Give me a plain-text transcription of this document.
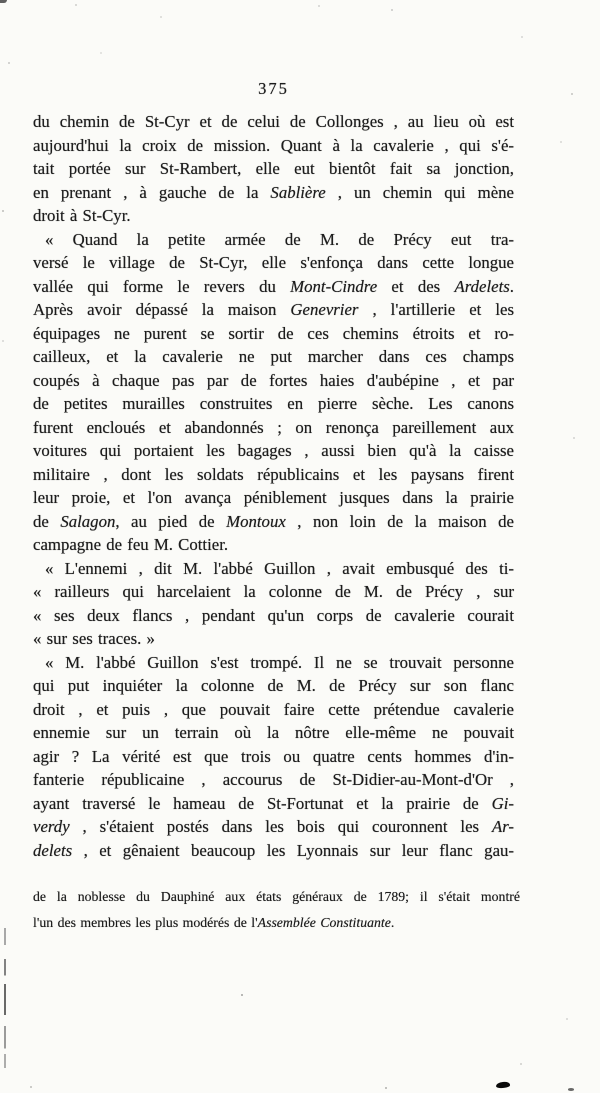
375
du chemin de St-Cyr et de celui de Collonges , au lieu où est
aujourd'hui la croix de mission. Quant à la cavalerie , qui s'é-
tait portée sur St-Rambert, elle eut bientôt fait sa jonction,
en prenant , à gauche de la Sablière , un chemin qui mène
droit à St-Cyr.
« Quand la petite armée de M. de Précy eut tra-
versé le village de St-Cyr, elle s'enfonça dans cette longue
vallée qui forme le revers du Mont-Cindre et des Ardelets.
Après avoir dépassé la maison Genevrier , l'artillerie et les
équipages ne purent se sortir de ces chemins étroits et ro-
cailleux, et la cavalerie ne put marcher dans ces champs
coupés à chaque pas par de fortes haies d'aubépine , et par
de petites murailles construites en pierre sèche. Les canons
furent encloués et abandonnés ; on renonça pareillement aux
voitures qui portaient les bagages , aussi bien qu'à la caisse
militaire , dont les soldats républicains et les paysans firent
leur proie, et l'on avança péniblement jusques dans la prairie
de Salagon, au pied de Montoux , non loin de la maison de
campagne de feu M. Cottier.
« L'ennemi , dit M. l'abbé Guillon , avait embusqué des ti-
« railleurs qui harcelaient la colonne de M. de Précy , sur
« ses deux flancs , pendant qu'un corps de cavalerie courait
« sur ses traces. »
« M. l'abbé Guillon s'est trompé. Il ne se trouvait personne
qui put inquiéter la colonne de M. de Précy sur son flanc
droit , et puis , que pouvait faire cette prétendue cavalerie
ennemie sur un terrain où la nôtre elle-même ne pouvait
agir ? La vérité est que trois ou quatre cents hommes d'in-
fanterie républicaine , accourus de St-Didier-au-Mont-d'Or ,
ayant traversé le hameau de St-Fortunat et la prairie de Gi-
verdy , s'étaient postés dans les bois qui couronnent les Ar-
delets , et gênaient beaucoup les Lyonnais sur leur flanc gau-
de la noblesse du Dauphiné aux états généraux de 1789; il s'était montré
l'un des membres les plus modérés de l'Assemblée Constituante.
